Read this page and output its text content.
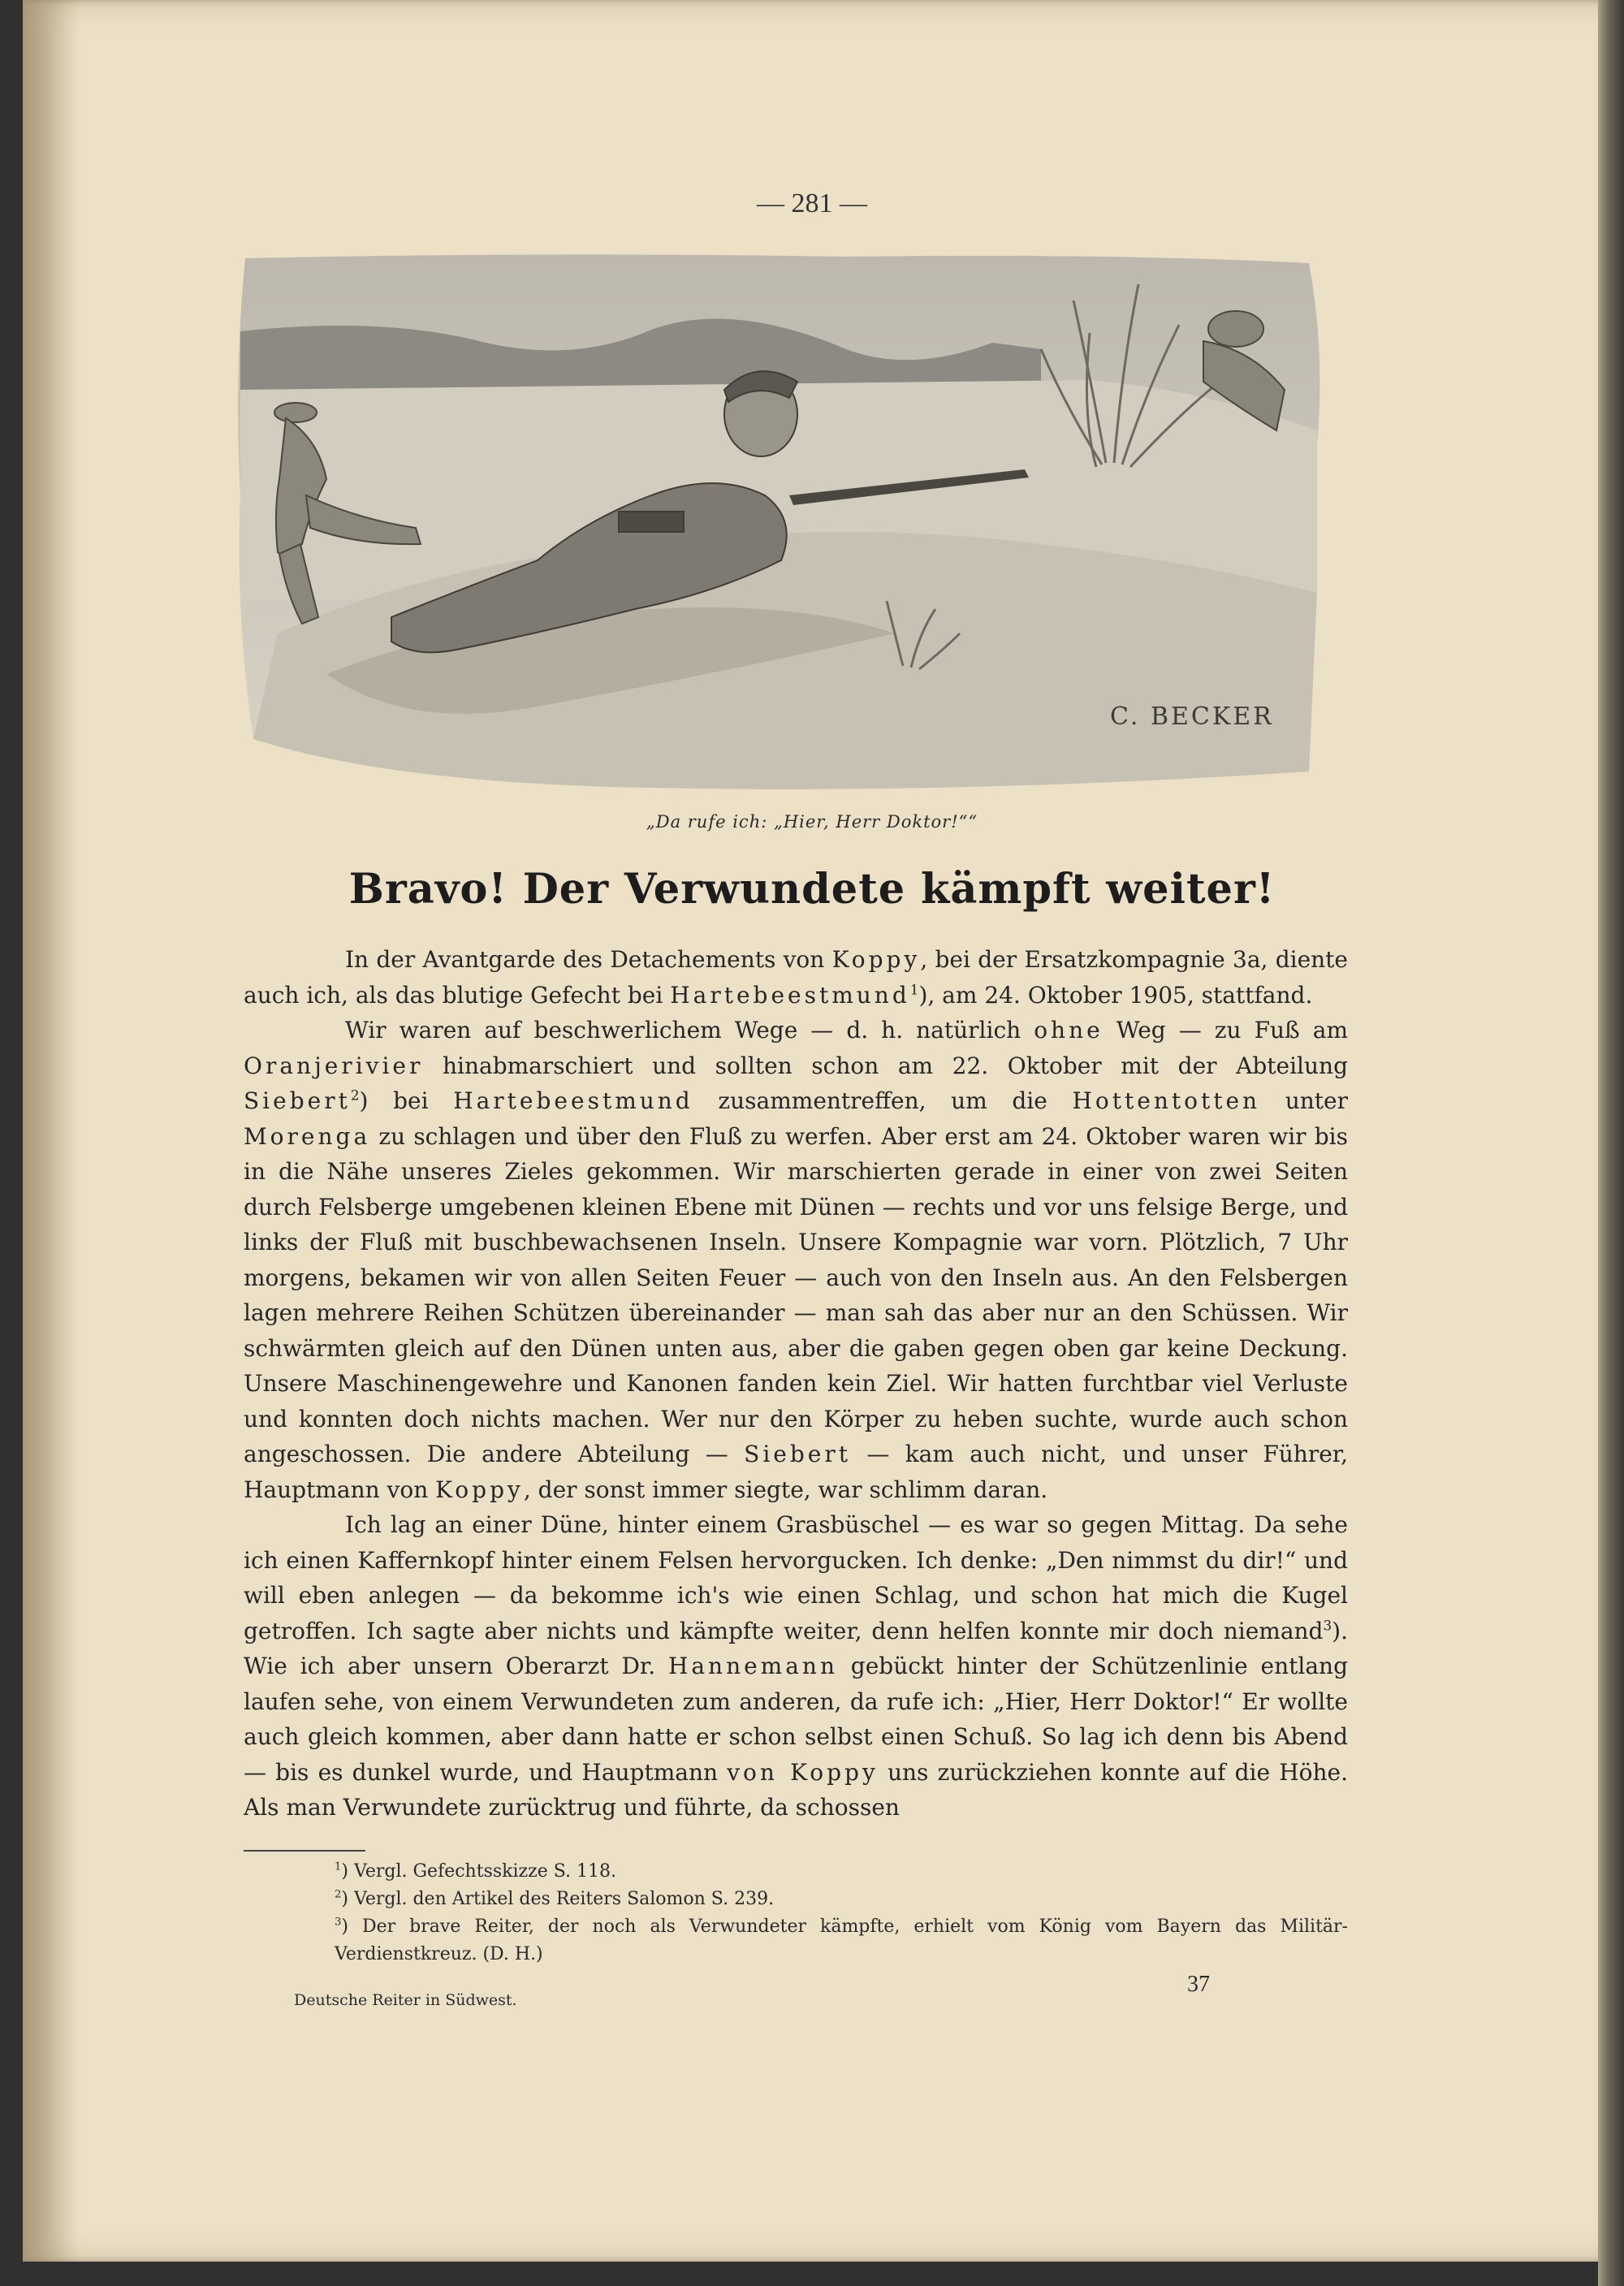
— 281 —
C. BECKER
„Da rufe ich: „Hier, Herr Doktor!““
Bravo! Der Verwundete kämpft weiter!

In der Avantgarde des Detachements von Koppy, bei der Ersatzkompagnie 3a, diente auch ich, als das blutige Gefecht bei Hartebeestmund$^1$), am 24. Oktober 1905, stattfand.

Wir waren auf beschwerlichem Wege — d. h. natürlich ohne Weg — zu Fuß am Oranjerivier hinabmarschiert und sollten schon am 22. Oktober mit der Abteilung Siebert$^2$) bei Hartebeestmund zusammentreffen, um die Hottentotten unter Morenga zu schlagen und über den Fluß zu werfen. Aber erst am 24. Oktober waren wir bis in die Nähe unseres Zieles gekommen. Wir marschierten gerade in einer von zwei Seiten durch Felsberge umgebenen kleinen Ebene mit Dünen — rechts und vor uns felsige Berge, und links der Fluß mit buschbewachsenen Inseln. Unsere Kompagnie war vorn. Plötzlich, 7 Uhr morgens, bekamen wir von allen Seiten Feuer — auch von den Inseln aus. An den Felsbergen lagen mehrere Reihen Schützen übereinander — man sah das aber nur an den Schüssen. Wir schwärmten gleich auf den Dünen unten aus, aber die gaben gegen oben gar keine Deckung. Unsere Maschinengewehre und Kanonen fanden kein Ziel. Wir hatten furchtbar viel Verluste und konnten doch nichts machen. Wer nur den Körper zu heben suchte, wurde auch schon angeschossen. Die andere Abteilung — Siebert — kam auch nicht, und unser Führer, Hauptmann von Koppy, der sonst immer siegte, war schlimm daran.

Ich lag an einer Düne, hinter einem Grasbüschel — es war so gegen Mittag. Da sehe ich einen Kaffernkopf hinter einem Felsen hervorgucken. Ich denke: „Den nimmst du dir!“ und will eben anlegen — da bekomme ich's wie einen Schlag, und schon hat mich die Kugel getroffen. Ich sagte aber nichts und kämpfte weiter, denn helfen konnte mir doch niemand$^3$). Wie ich aber unsern Oberarzt Dr. Hannemann gebückt hinter der Schützenlinie entlang laufen sehe, von einem Verwundeten zum anderen, da rufe ich: „Hier, Herr Doktor!“ Er wollte auch gleich kommen, aber dann hatte er schon selbst einen Schuß. So lag ich denn bis Abend — bis es dunkel wurde, und Hauptmann von Koppy uns zurückziehen konnte auf die Höhe. Als man Verwundete zurücktrug und führte, da schossen

$^1$) Vergl. Gefechtsskizze S. 118.
$^2$) Vergl. den Artikel des Reiters Salomon S. 239.
$^3$) Der brave Reiter, der noch als Verwundeter kämpfte, erhielt vom König vom Bayern das Militär-Verdienstkreuz. (D. H.)
Deutsche Reiter in Südwest.
37
